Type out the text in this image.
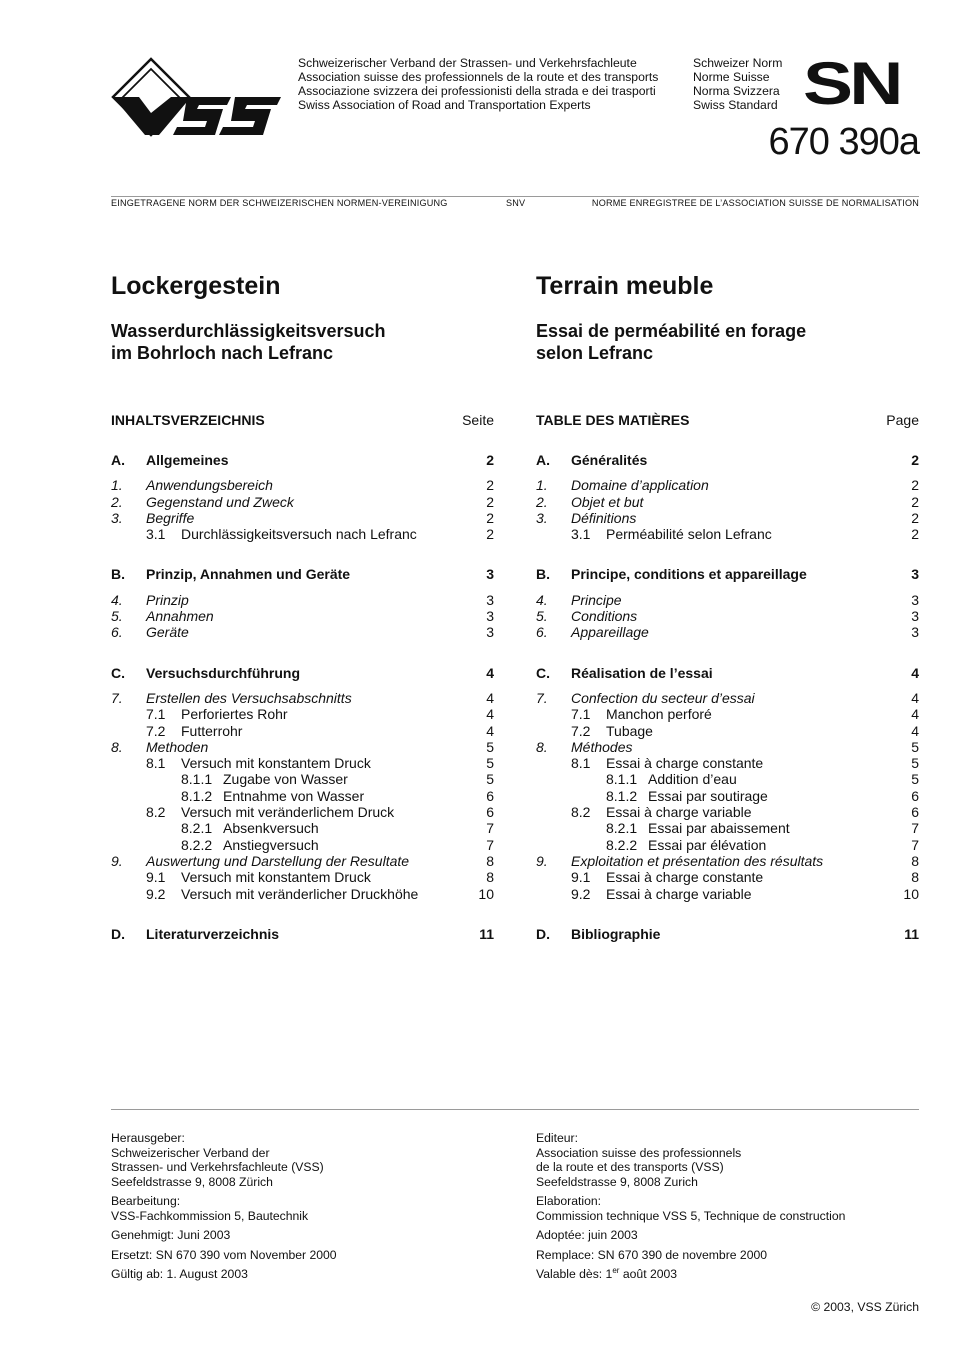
Schweizerischer Verband der Strassen- und Verkehrsfachleute
Association suisse des professionnels de la route et des transports
Associazione svizzera dei professionisti della strada e dei trasporti
Swiss Association of Road and Transportation Experts
Schweizer Norm
Norme Suisse
Norma Svizzera
Swiss Standard SN
670 390a
EINGETRAGENE NORM DER SCHWEIZERISCHEN NORMEN-VEREINIGUNG	SNV	NORME ENREGISTREE DE L’ASSOCIATION SUISSE DE NORMALISATION
Lockergestein
Wasserdurchlässigkeitsversuch
im Bohrloch nach Lefranc
INHALTSVERZEICHNIS	Seite
A.	Allgemeines	2
1.	Anwendungsbereich	2
2.	Gegenstand und Zweck	2
3.	Begriffe	2
3.1	Durchlässigkeitsversuch nach Lefranc	2
B.	Prinzip, Annahmen und Geräte	3
4.	Prinzip	3
5.	Annahmen	3
6.	Geräte	3
C.	Versuchsdurchführung	4
7.	Erstellen des Versuchsabschnitts	4
7.1	Perforiertes Rohr	4
7.2	Futterrohr	4
8.	Methoden	5
8.1	Versuch mit konstantem Druck	5
8.1.1 Zugabe von Wasser	5
8.1.2 Entnahme von Wasser	6
8.2	Versuch mit veränderlichem Druck	6
8.2.1 Absenkversuch	7
8.2.2 Anstiegversuch	7
9.	Auswertung und Darstellung der Resultate	8
9.1	Versuch mit konstantem Druck	8
9.2	Versuch mit veränderlicher Druckhöhe	10
D.	Literaturverzeichnis	11
Terrain meuble
Essai de perméabilité en forage
selon Lefranc
TABLE DES MATIÈRES	Page
A.	Généralités	2
1.	Domaine d’application	2
2.	Objet et but	2
3.	Définitions	2
3.1	Perméabilité selon Lefranc	2
B.	Principe, conditions et appareillage	3
4.	Principe	3
5.	Conditions	3
6.	Appareillage	3
C.	Réalisation de l’essai	4
7.	Confection du secteur d’essai	4
7.1	Manchon perforé	4
7.2	Tubage	4
8.	Méthodes	5
8.1	Essai à charge constante	5
8.1.1 Addition d’eau	5
8.1.2 Essai par soutirage	6
8.2	Essai à charge variable	6
8.2.1 Essai par abaissement	7
8.2.2 Essai par élévation	7
9.	Exploitation et présentation des résultats	8
9.1	Essai à charge constante	8
9.2	Essai à charge variable	10
D.	Bibliographie	11

Herausgeber:

Schweizerischer Verband der

Strassen- und Verkehrsfachleute (VSS)

Seefeldstrasse 9, 8008 Zürich

Bearbeitung:

VSS-Fachkommission 5, Bautechnik

Genehmigt: Juni 2003

Ersetzt: SN 670 390 vom November 2000

Gültig ab: 1. August 2003

Editeur:

Association suisse des professionnels

de la route et des transports (VSS)

Seefeldstrasse 9, 8008 Zurich

Elaboration:

Commission technique VSS 5, Technique de construction

Adoptée: juin 2003

Remplace: SN 670 390 de novembre 2000

Valable dès: 1er août 2003

© 2003, VSS Zürich
